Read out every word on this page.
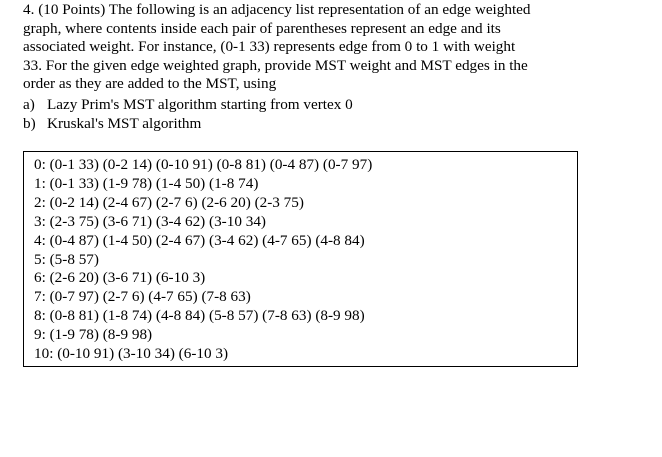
4. (10 Points) The following is an adjacency list representation of an edge weighted
graph, where contents inside each pair of parentheses represent an edge and its
associated weight. For instance, (0-1 33) represents edge from 0 to 1 with weight
33. For the given edge weighted graph, provide MST weight and MST edges in the
order as they are added to the MST, using
a) Lazy Prim's MST algorithm starting from vertex 0
b) Kruskal's MST algorithm
0: (0-1 33) (0-2 14) (0-10 91) (0-8 81) (0-4 87) (0-7 97)
1: (0-1 33) (1-9 78) (1-4 50) (1-8 74)
2: (0-2 14) (2-4 67) (2-7 6) (2-6 20) (2-3 75)
3: (2-3 75) (3-6 71) (3-4 62) (3-10 34)
4: (0-4 87) (1-4 50) (2-4 67) (3-4 62) (4-7 65) (4-8 84)
5: (5-8 57)
6: (2-6 20) (3-6 71) (6-10 3)
7: (0-7 97) (2-7 6) (4-7 65) (7-8 63)
8: (0-8 81) (1-8 74) (4-8 84) (5-8 57) (7-8 63) (8-9 98)
9: (1-9 78) (8-9 98)
10: (0-10 91) (3-10 34) (6-10 3)
